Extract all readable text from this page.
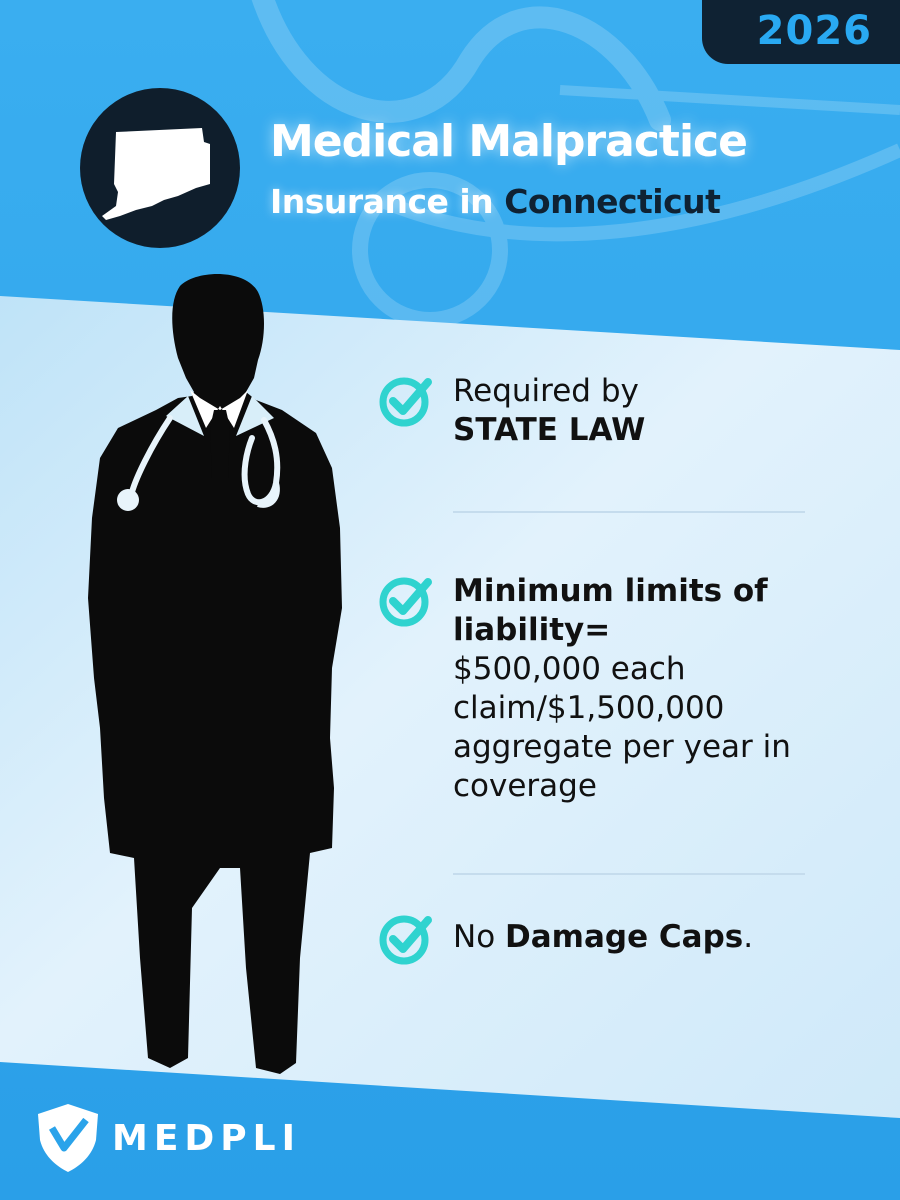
2026
Medical Malpractice
Insurance in Connecticut
Required by
STATE LAW
Minimum limits of liability=
$500,000 each claim/$1,500,000 aggregate per year in coverage
No Damage Caps.
MEDPLI
